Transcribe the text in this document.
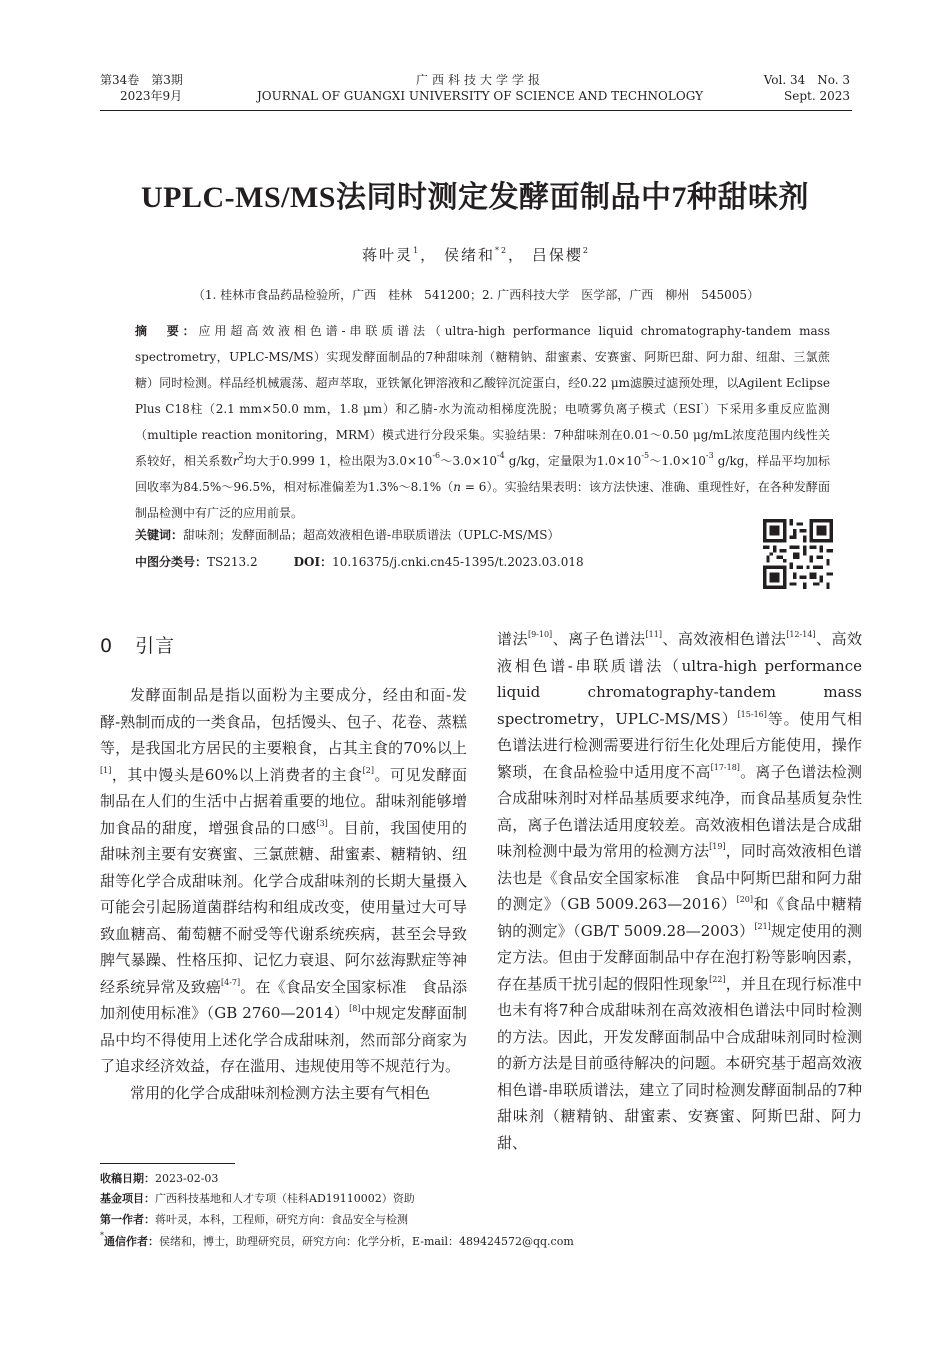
第34卷　第3期
2023年9月
广西科技大学学报
JOURNAL OF GUANGXI UNIVERSITY OF SCIENCE AND TECHNOLOGY
Vol. 34　No. 3
Sept. 2023
UPLC-MS/MS法同时测定发酵面制品中7种甜味剂
蒋叶灵$^1$， 侯绪和$^{*2}$， 吕保樱$^2$
（1. 桂林市食品药品检验所，广西　桂林　541200；2. 广西科技大学　医学部，广西　柳州　545005）
摘　要：应用超高效液相色谱-串联质谱法（ultra-high performance liquid chromatography-tandem mass spectrometry，UPLC-MS/MS）实现发酵面制品的7种甜味剂（糖精钠、甜蜜素、安赛蜜、阿斯巴甜、阿力甜、纽甜、三氯蔗糖）同时检测。样品经机械震荡、超声萃取，亚铁氰化钾溶液和乙酸锌沉淀蛋白，经0.22 μm滤膜过滤预处理，以Agilent Eclipse Plus C18柱（2.1 mm×50.0 mm，1.8 μm）和乙腈-水为流动相梯度洗脱；电喷雾负离子模式（ESI-）下采用多重反应监测（multiple reaction monitoring，MRM）模式进行分段采集。实验结果：7种甜味剂在0.01～0.50 μg/mL浓度范围内线性关系较好，相关系数$r^2$均大于0.999 1，检出限为$3.0\times 10^{-6}\sim 3.0\times 10^{-4}$ g/kg，定量限为$1.0\times 10^{-5}\sim 1.0\times 10^{-3}$ g/kg，样品平均加标回收率为84.5%～96.5%，相对标准偏差为1.3%～8.1%（n = 6）。实验结果表明：该方法快速、准确、重现性好，在各种发酵面制品检测中有广泛的应用前景。
关键词：甜味剂；发酵面制品；超高效液相色谱-串联质谱法（UPLC-MS/MS）
中图分类号：TS213.2	DOI：10.16375/j.cnki.cn45-1395/t.2023.03.018
0 引言

发酵面制品是指以面粉为主要成分，经由和面-发酵-熟制而成的一类食品，包括馒头、包子、花卷、蒸糕等，是我国北方居民的主要粮食，占其主食的70%以上[1]，其中馒头是60%以上消费者的主食[2]。可见发酵面制品在人们的生活中占据着重要的地位。甜味剂能够增加食品的甜度，增强食品的口感[3]。目前，我国使用的甜味剂主要有安赛蜜、三氯蔗糖、甜蜜素、糖精钠、纽甜等化学合成甜味剂。化学合成甜味剂的长期大量摄入可能会引起肠道菌群结构和组成改变，使用量过大可导致血糖高、葡萄糖不耐受等代谢系统疾病，甚至会导致脾气暴躁、性格压抑、记忆力衰退、阿尔兹海默症等神经系统异常及致癌[4-7]。在《食品安全国家标准　食品添加剂使用标准》（GB 2760—2014）[8]中规定发酵面制品中均不得使用上述化学合成甜味剂，然而部分商家为了追求经济效益，存在滥用、违规使用等不规范行为。

常用的化学合成甜味剂检测方法主要有气相色

谱法[9-10]、离子色谱法[11]、高效液相色谱法[12-14]、高效液相色谱-串联质谱法（ultra-high performance liquid chromatography-tandem mass spectrometry，UPLC-MS/MS）[15-16]等。使用气相色谱法进行检测需要进行衍生化处理后方能使用，操作繁琐，在食品检验中适用度不高[17-18]。离子色谱法检测合成甜味剂时对样品基质要求纯净，而食品基质复杂性高，离子色谱法适用度较差。高效液相色谱法是合成甜味剂检测中最为常用的检测方法[19]，同时高效液相色谱法也是《食品安全国家标准　食品中阿斯巴甜和阿力甜的测定》（GB 5009.263—2016）[20]和《食品中糖精钠的测定》（GB/T 5009.28—2003）[21]规定使用的测定方法。但由于发酵面制品中存在泡打粉等影响因素，存在基质干扰引起的假阳性现象[22]，并且在现行标准中也未有将7种合成甜味剂在高效液相色谱法中同时检测的方法。因此，开发发酵面制品中合成甜味剂同时检测的新方法是目前亟待解决的问题。本研究基于超高效液相色谱-串联质谱法，建立了同时检测发酵面制品的7种甜味剂（糖精钠、甜蜜素、安赛蜜、阿斯巴甜、阿力甜、

收稿日期：2023-02-03
基金项目：广西科技基地和人才专项（桂科AD19110002）资助
第一作者：蒋叶灵，本科，工程师，研究方向：食品安全与检测
*通信作者：侯绪和，博士，助理研究员，研究方向：化学分析，E-mail：489424572@qq.com
